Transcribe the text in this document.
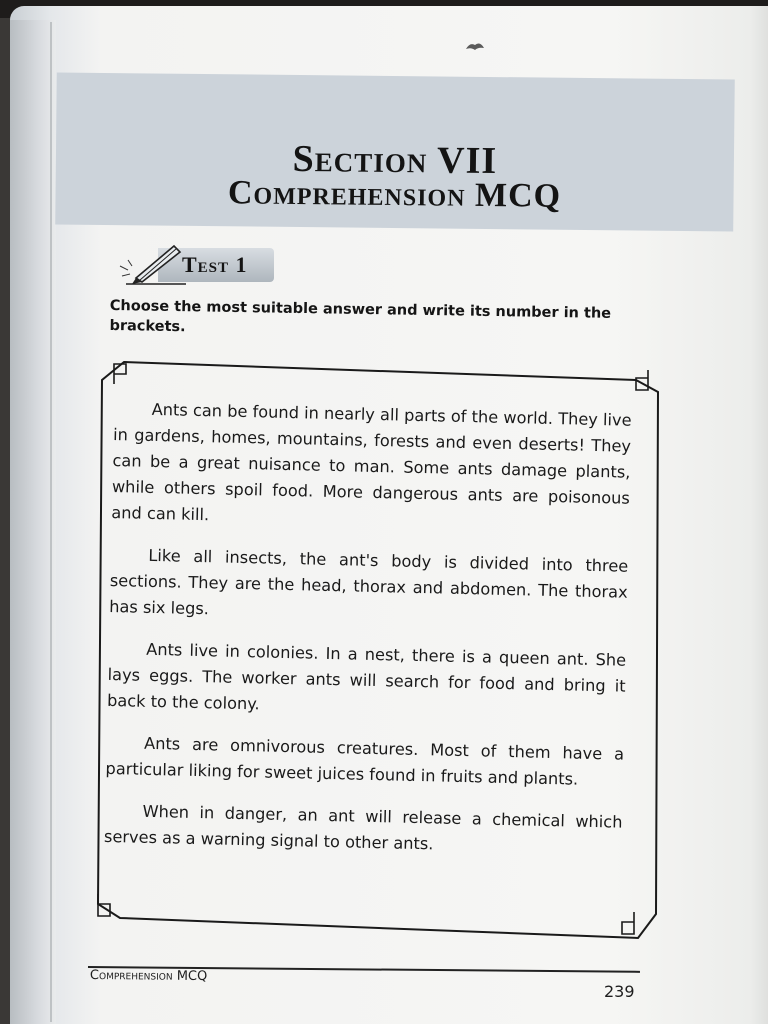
Section VII
Comprehension MCQ
Test 1

Choose the most suitable answer and write its number in the brackets.

Ants can be found in nearly all parts of the world. They live in gardens, homes, mountains, forests and even deserts! They can be a great nuisance to man. Some ants damage plants, while others spoil food. More dangerous ants are poisonous and can kill.

Like all insects, the ant's body is divided into three sections. They are the head, thorax and abdomen. The thorax has six legs.

Ants live in colonies. In a nest, there is a queen ant. She lays eggs. The worker ants will search for food and bring it back to the colony.

Ants are omnivorous creatures. Most of them have a particular liking for sweet juices found in fruits and plants.

When in danger, an ant will release a chemical which serves as a warning signal to other ants.

Comprehension MCQ
239
